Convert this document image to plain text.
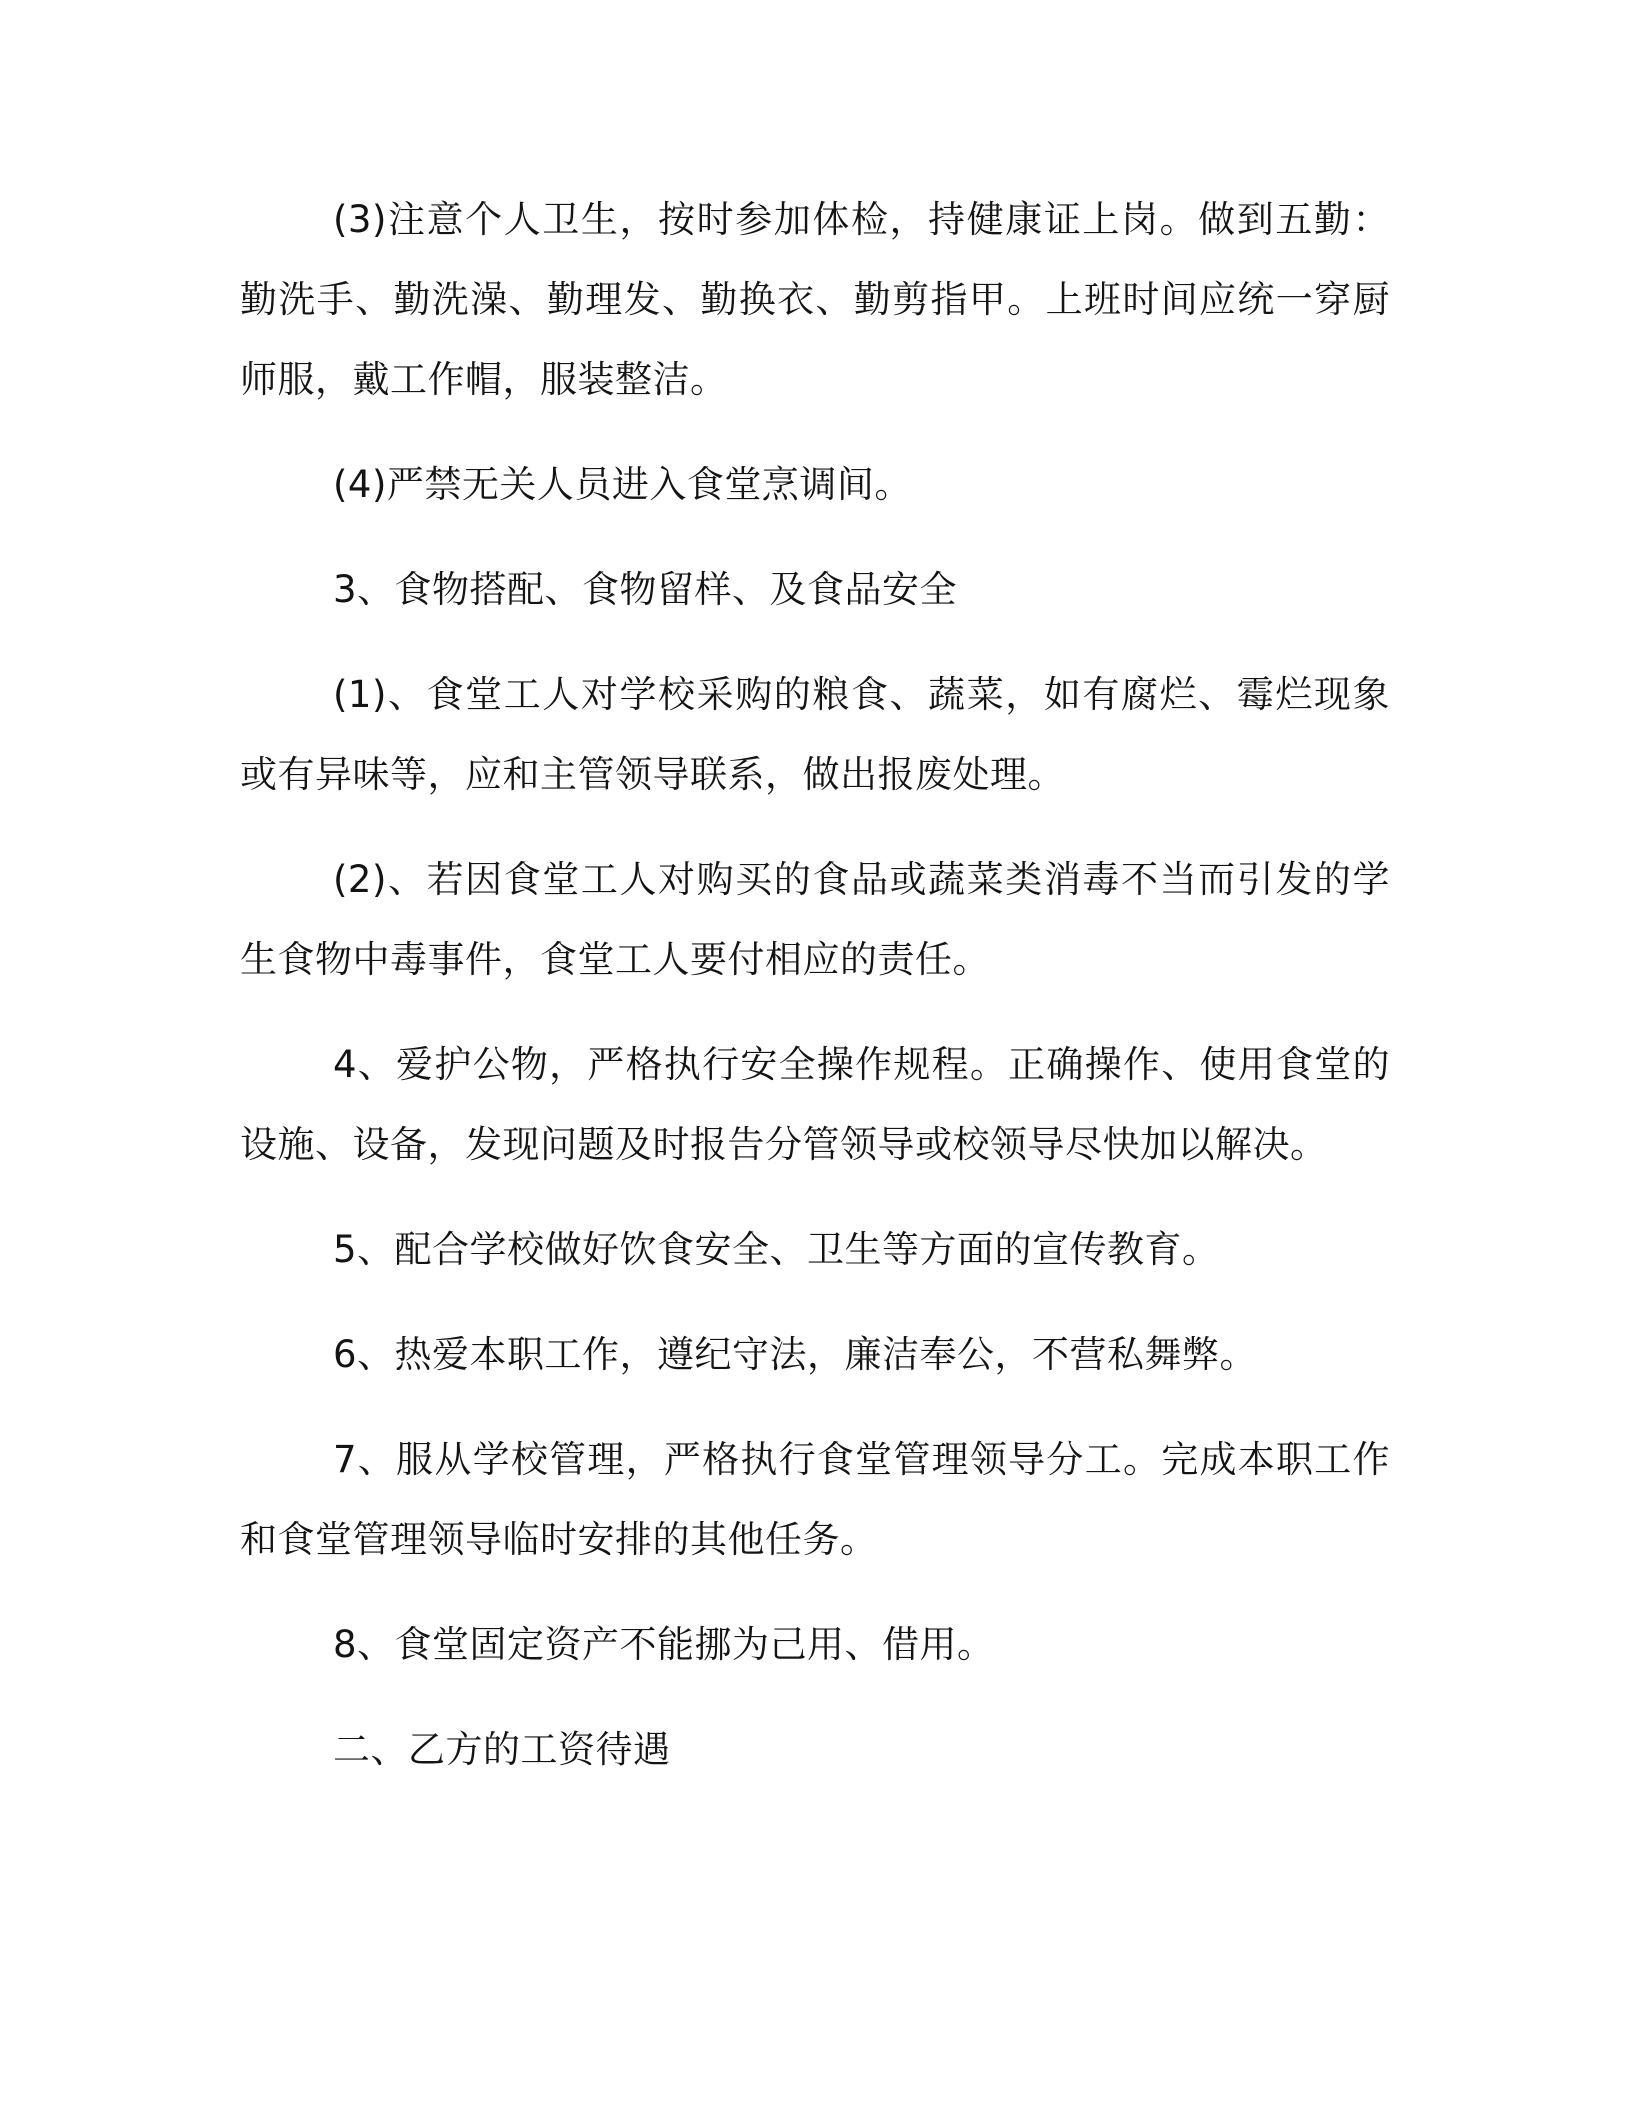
(3)注意个人卫生，按时参加体检，持健康证上岗。做到五勤：勤洗手、勤洗澡、勤理发、勤换衣、勤剪指甲。上班时间应统一穿厨师服，戴工作帽，服装整洁。

(4)严禁无关人员进入食堂烹调间。

3、食物搭配、食物留样、及食品安全

(1)、食堂工人对学校采购的粮食、蔬菜，如有腐烂、霉烂现象或有异味等，应和主管领导联系，做出报废处理。

(2)、若因食堂工人对购买的食品或蔬菜类消毒不当而引发的学生食物中毒事件，食堂工人要付相应的责任。

4、爱护公物，严格执行安全操作规程。正确操作、使用食堂的设施、设备，发现问题及时报告分管领导或校领导尽快加以解决。

5、配合学校做好饮食安全、卫生等方面的宣传教育。

6、热爱本职工作，遵纪守法，廉洁奉公，不营私舞弊。

7、服从学校管理，严格执行食堂管理领导分工。完成本职工作和食堂管理领导临时安排的其他任务。

8、食堂固定资产不能挪为己用、借用。

二、乙方的工资待遇
